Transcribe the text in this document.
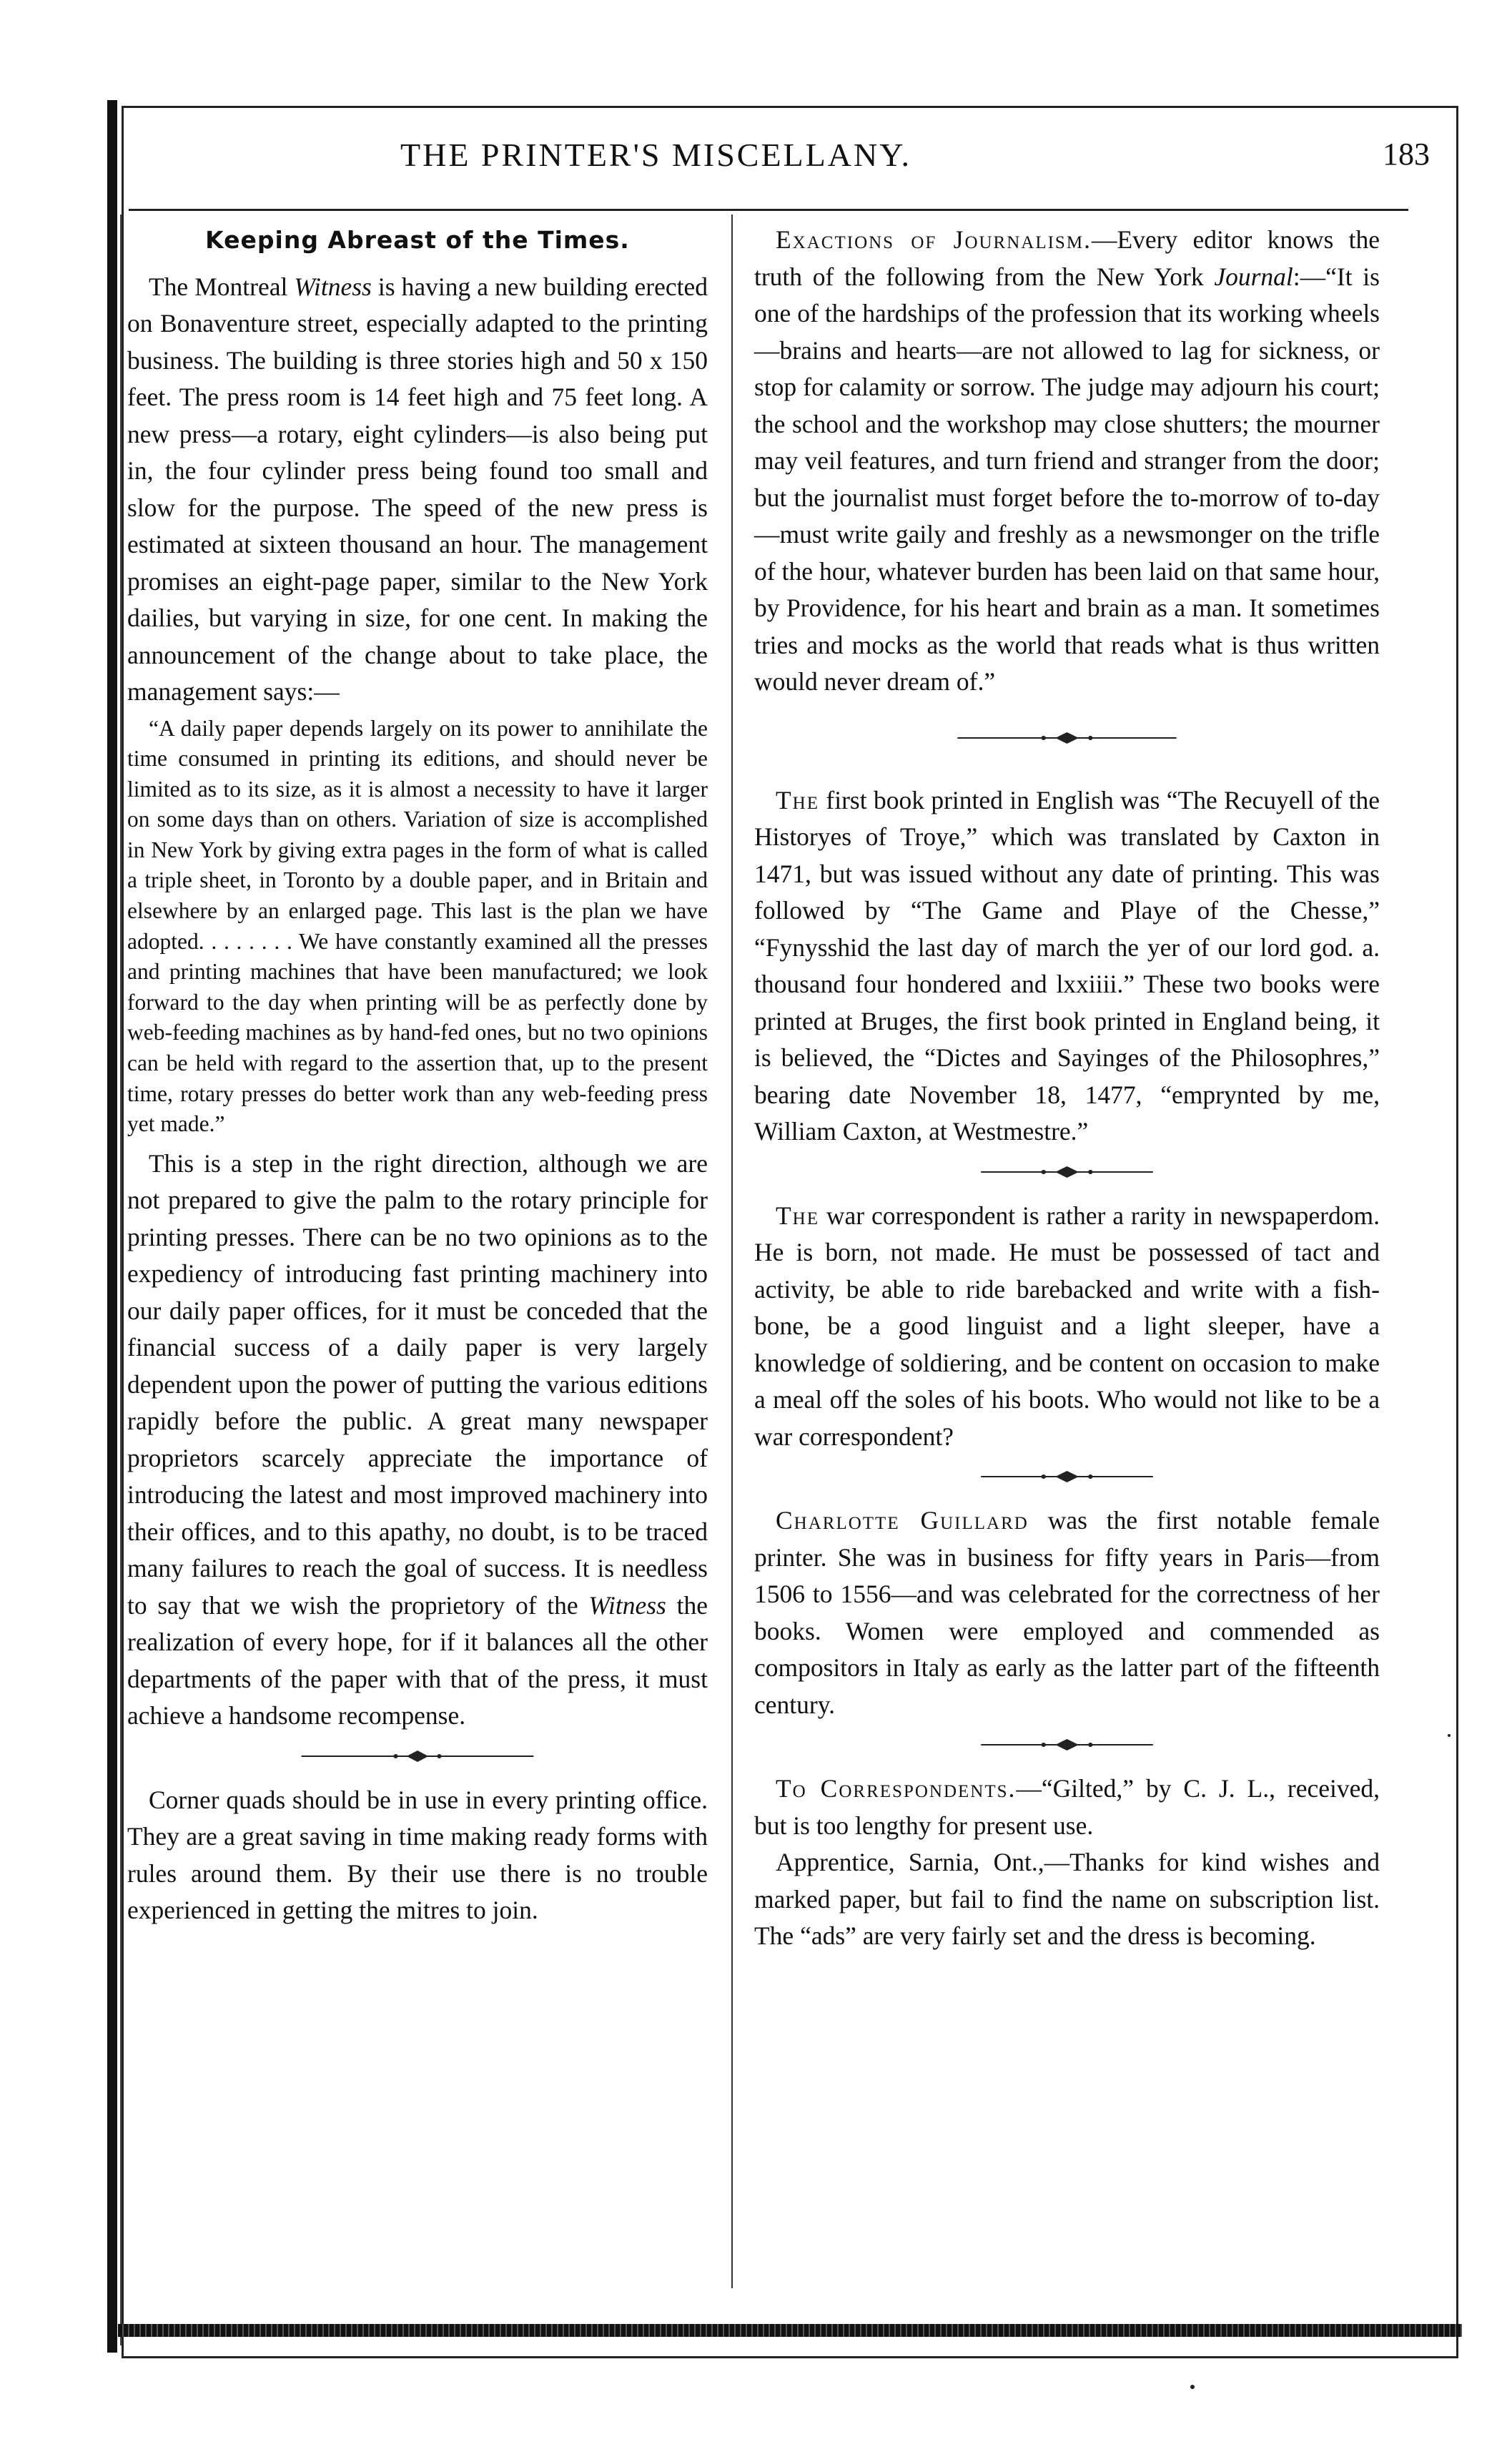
THE PRINTER'S MISCELLANY.	183
Keeping Abreast of the Times.

The Montreal Witness is having a new building erected on Bonaventure street, especially adapted to the printing business. The building is three stories high and 50 x 150 feet. The press room is 14 feet high and 75 feet long. A new press—a rotary, eight cylinders—is also being put in, the four cylinder press being found too small and slow for the purpose. The speed of the new press is estimated at sixteen thousand an hour. The management promises an eight-page paper, similar to the New York dailies, but varying in size, for one cent. In making the announcement of the change about to take place, the management says:—

“A daily paper depends largely on its power to annihilate the time consumed in printing its editions, and should never be limited as to its size, as it is almost a necessity to have it larger on some days than on others. Variation of size is accomplished in New York by giving extra pages in the form of what is called a triple sheet, in Toronto by a double paper, and in Britain and elsewhere by an enlarged page. This last is the plan we have adopted. . . . . . . . We have constantly examined all the presses and printing machines that have been manufactured; we look forward to the day when printing will be as perfectly done by web-feeding machines as by hand-fed ones, but no two opinions can be held with regard to the assertion that, up to the present time, rotary presses do better work than any web-feeding press yet made.”

This is a step in the right direction, although we are not prepared to give the palm to the rotary principle for printing presses. There can be no two opinions as to the expediency of introducing fast printing machinery into our daily paper offices, for it must be conceded that the financial success of a daily paper is very largely dependent upon the power of putting the various editions rapidly before the public. A great many newspaper proprietors scarcely appreciate the importance of introducing the latest and most improved machinery into their offices, and to this apathy, no doubt, is to be traced many failures to reach the goal of success. It is needless to say that we wish the proprietory of the Witness the realization of every hope, for if it balances all the other departments of the paper with that of the press, it must achieve a handsome recompense.

Corner quads should be in use in every printing office. They are a great saving in time making ready forms with rules around them. By their use there is no trouble experienced in getting the mitres to join.

Exactions of Journalism.—Every editor knows the truth of the following from the New York Journal:—“It is one of the hardships of the profession that its working wheels—brains and hearts—are not allowed to lag for sickness, or stop for calamity or sorrow. The judge may adjourn his court; the school and the workshop may close shutters; the mourner may veil features, and turn friend and stranger from the door; but the journalist must forget before the to-morrow of to-day—must write gaily and freshly as a newsmonger on the trifle of the hour, whatever burden has been laid on that same hour, by Providence, for his heart and brain as a man. It sometimes tries and mocks as the world that reads what is thus written would never dream of.”

The first book printed in English was “The Recuyell of the Historyes of Troye,” which was translated by Caxton in 1471, but was issued without any date of printing. This was followed by “The Game and Playe of the Chesse,” “Fynysshid the last day of march the yer of our lord god. a. thousand four hondered and lxxiiii.” These two books were printed at Bruges, the first book printed in England being, it is believed, the “Dictes and Sayinges of the Philosophres,” bearing date November 18, 1477, “emprynted by me, William Caxton, at Westmestre.”

The war correspondent is rather a rarity in newspaperdom. He is born, not made. He must be possessed of tact and activity, be able to ride barebacked and write with a fish-bone, be a good linguist and a light sleeper, have a knowledge of soldiering, and be content on occasion to make a meal off the soles of his boots. Who would not like to be a war correspondent?

Charlotte Guillard was the first notable female printer. She was in business for fifty years in Paris—from 1506 to 1556—and was celebrated for the correctness of her books. Women were employed and commended as compositors in Italy as early as the latter part of the fifteenth century.

To Correspondents.—“Gilted,” by C. J. L., received, but is too lengthy for present use.

Apprentice, Sarnia, Ont.,—Thanks for kind wishes and marked paper, but fail to find the name on subscription list. The “ads” are very fairly set and the dress is becoming.
